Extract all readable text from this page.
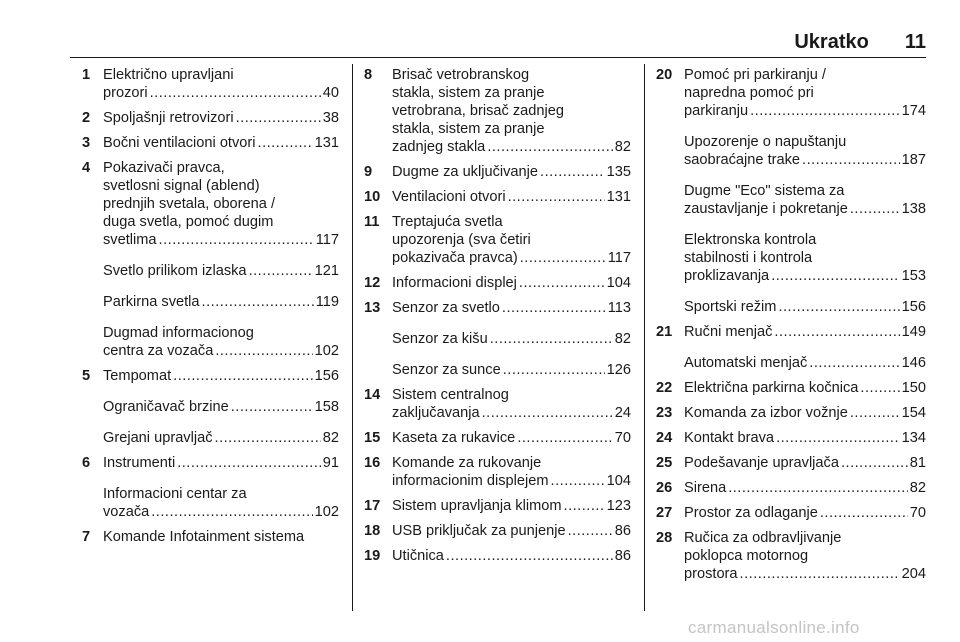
Ukratko 11
1 Električno upravljani
prozori .....	40
2 Spoljašnji retrovizori .....	38
3 Bočni ventilacioni otvori .....	131
4 Pokazivači pravca,
svetlosni signal (ablend)
prednjih svetala, oborena /
duga svetla, pomoć dugim
svetlima .....	117
Svetlo prilikom izlaska .....	121
Parkirna svetla .....	119
Dugmad informacionog
centra za vozača .....	102
5 Tempomat .....	156
Ograničavač brzine .....	158
Grejani upravljač .....	82
6 Instrumenti .....	91
Informacioni centar za
vozača .....	102
7 Komande Infotainment sistema
8 Brisač vetrobranskog
stakla, sistem za pranje
vetrobrana, brisač zadnjeg
stakla, sistem za pranje
zadnjeg stakla .....	82
9 Dugme za uključivanje .....	135
10 Ventilacioni otvori .....	131
11 Treptajuća svetla
upozorenja (sva četiri
pokazivača pravca) .....	117
12 Informacioni displej .....	104
13 Senzor za svetlo .....	113
Senzor za kišu .....	82
Senzor za sunce .....	126
14 Sistem centralnog
zaključavanja .....	24
15 Kaseta za rukavice .....	70
16 Komande za rukovanje
informacionim displejem .....	104
17 Sistem upravljanja klimom .....	123
18 USB priključak za punjenje .....	86
19 Utičnica .....	86
20 Pomoć pri parkiranju /
napredna pomoć pri
parkiranju .....	174
Upozorenje o napuštanju
saobraćajne trake .....	187
Dugme "Eco" sistema za
zaustavljanje i pokretanje .....	138
Elektronska kontrola
stabilnosti i kontrola
proklizavanja .....	153
Sportski režim .....	156
21 Ručni menjač .....	149
Automatski menjač .....	146
22 Električna parkirna kočnica .....	150
23 Komanda za izbor vožnje .....	154
24 Kontakt brava .....	134
25 Podešavanje upravljača .....	81
26 Sirena .....	82
27 Prostor za odlaganje .....	70
28 Ručica za odbravljivanje
poklopca motornog
prostora .....	204
carmanualsonline.info
